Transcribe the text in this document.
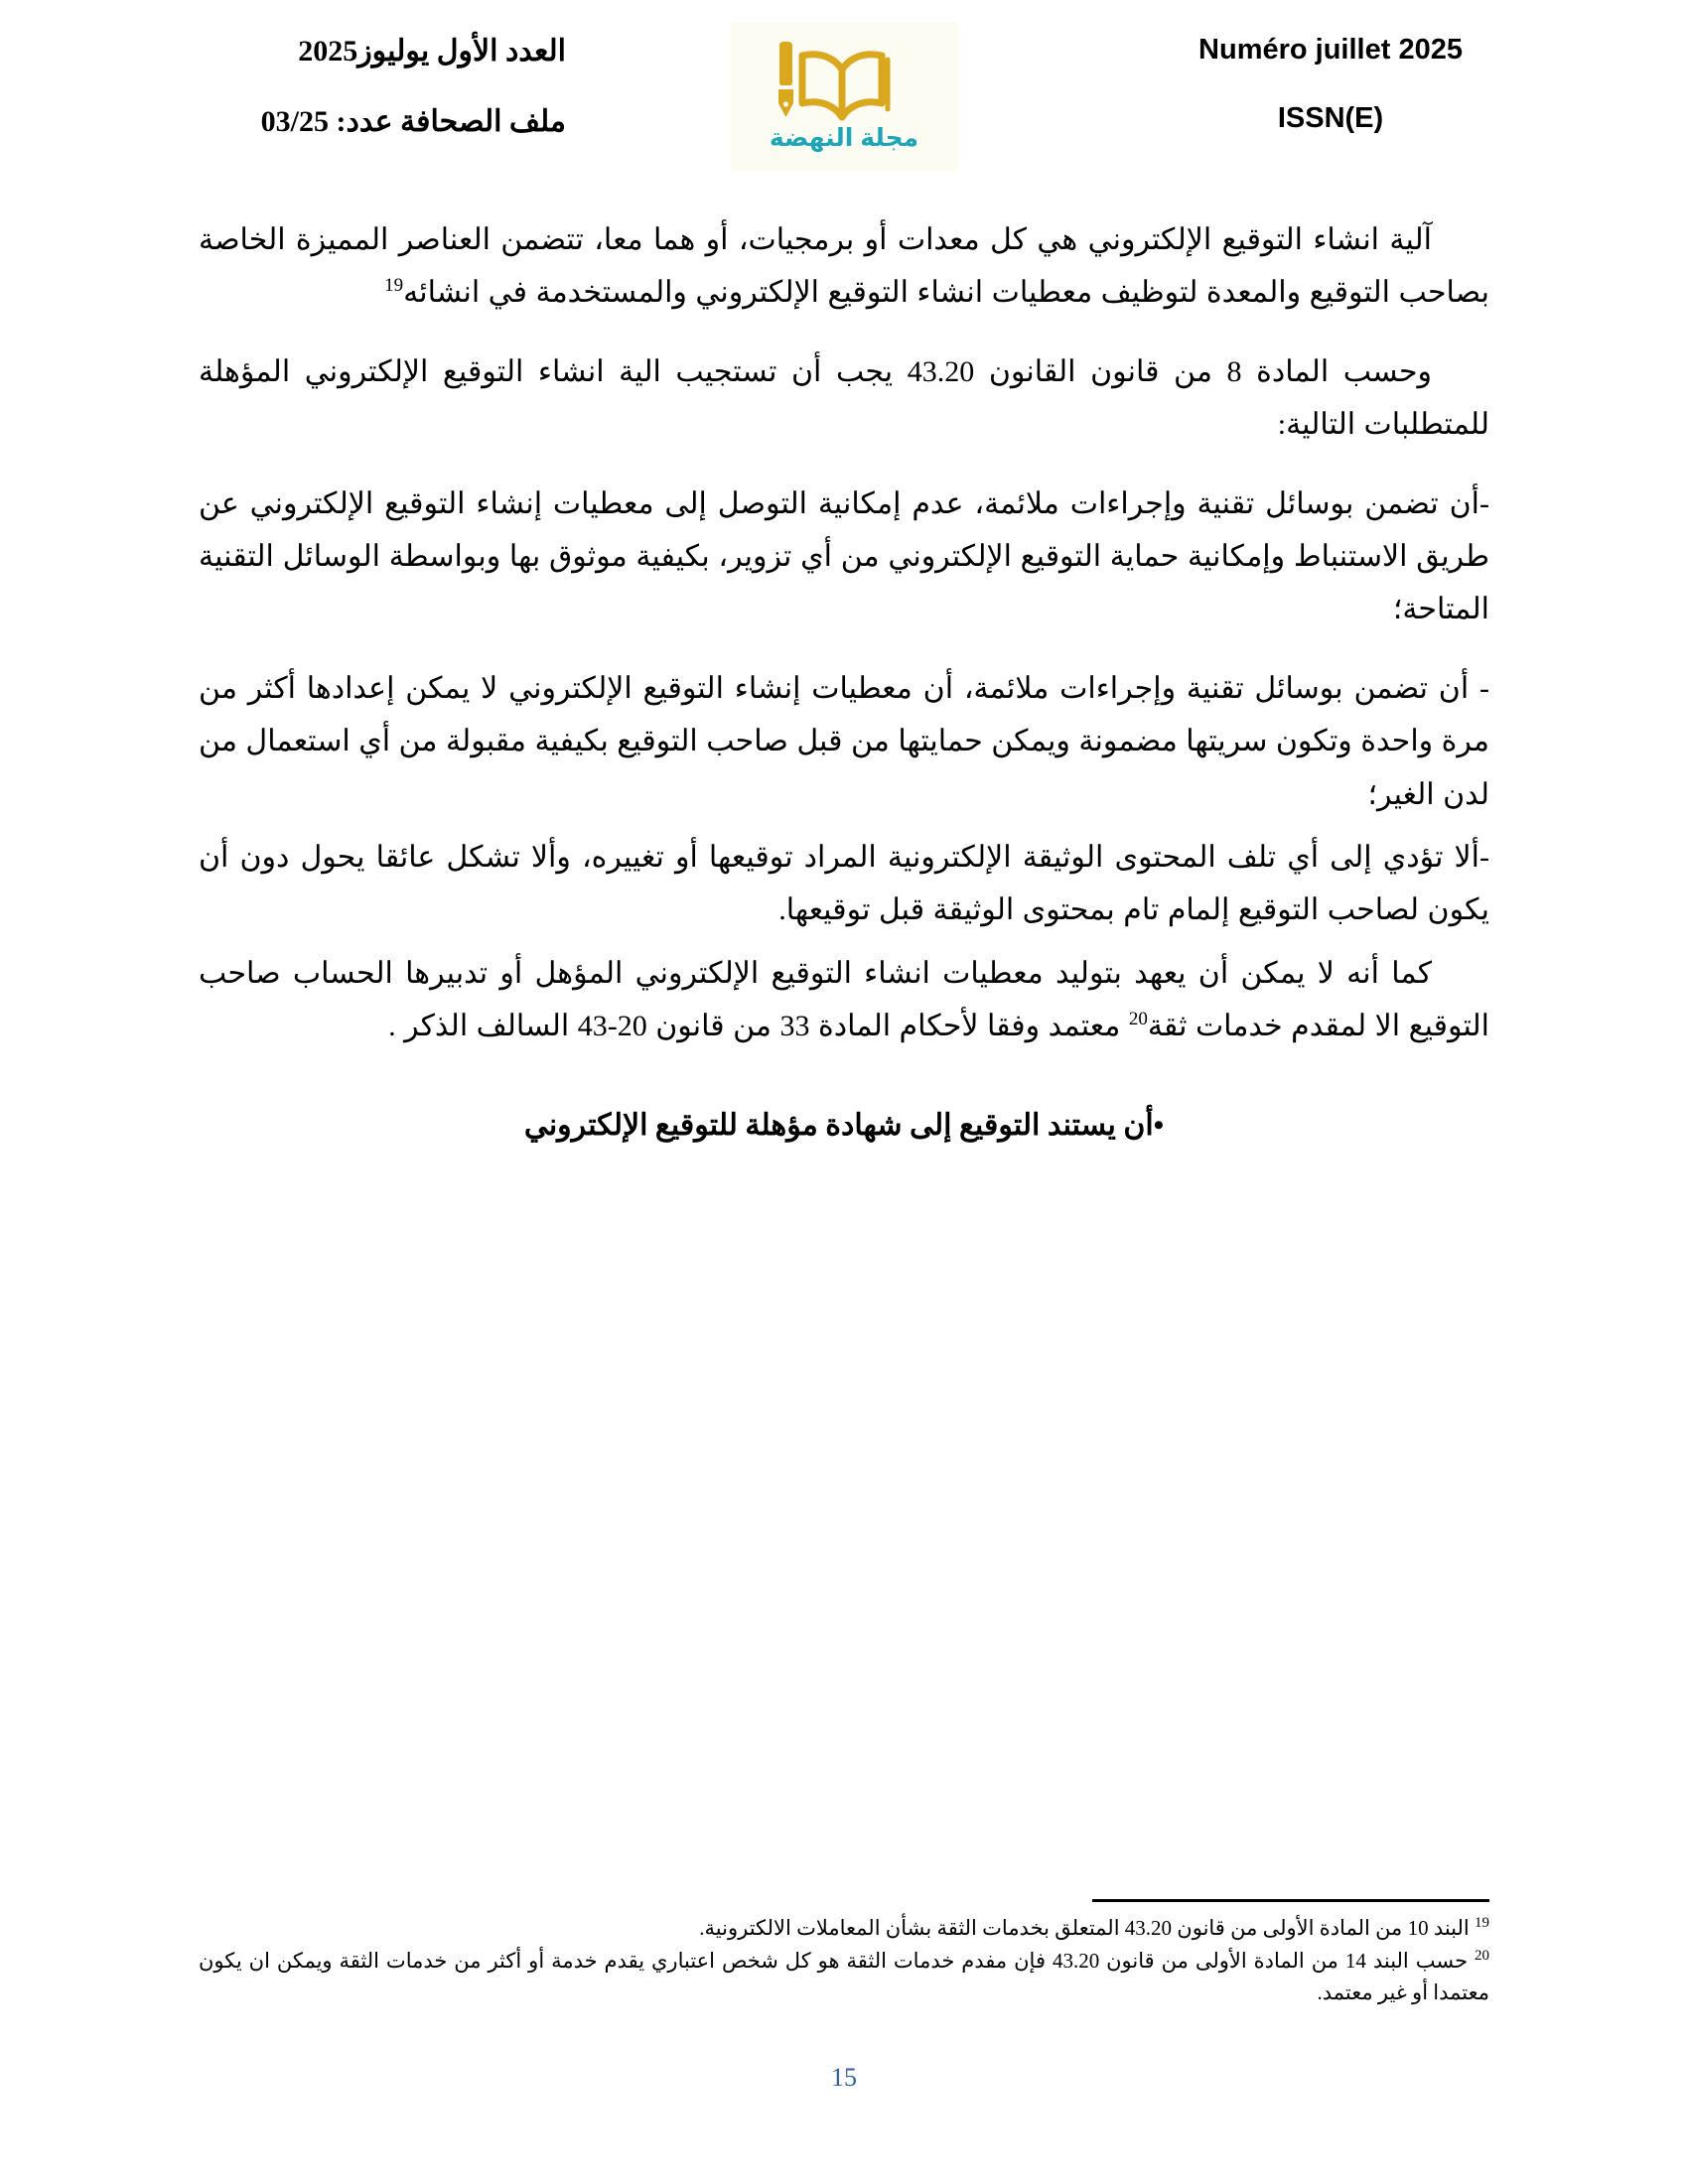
العدد الأول يوليوز2025
ملف الصحافة عدد: 03/25	مجلة النهضة
Numéro juillet 2025
ISSN(E)

آلية انشاء التوقيع الإلكتروني هي كل معدات أو برمجيات، أو هما معا، تتضمن العناصر المميزة الخاصة بصاحب التوقيع والمعدة لتوظيف معطيات انشاء التوقيع الإلكتروني والمستخدمة في انشائه$^{19}$

وحسب المادة 8 من قانون القانون 43.20 يجب أن تستجيب الية انشاء التوقيع الإلكتروني المؤهلة للمتطلبات التالية:

-أن تضمن بوسائل تقنية وإجراءات ملائمة، عدم إمكانية التوصل إلى معطيات إنشاء التوقيع الإلكتروني عن طريق الاستنباط وإمكانية حماية التوقيع الإلكتروني من أي تزوير، بكيفية موثوق بها وبواسطة الوسائل التقنية المتاحة؛

- أن تضمن بوسائل تقنية وإجراءات ملائمة، أن معطيات إنشاء التوقيع الإلكتروني لا يمكن إعدادها أكثر من مرة واحدة وتكون سريتها مضمونة ويمكن حمايتها من قبل صاحب التوقيع بكيفية مقبولة من أي استعمال من لدن الغير؛

-ألا تؤدي إلى أي تلف المحتوى الوثيقة الإلكترونية المراد توقيعها أو تغييره، وألا تشكل عائقا يحول دون أن يكون لصاحب التوقيع إلمام تام بمحتوى الوثيقة قبل توقيعها.

كما أنه لا يمكن أن يعهد بتوليد معطيات انشاء التوقيع الإلكتروني المؤهل أو تدبيرها الحساب صاحب التوقيع الا لمقدم خدمات ثقة$^{20}$ معتمد وفقا لأحكام المادة 33 من قانون 20-43 السالف الذكر .

•أن يستند التوقيع إلى شهادة مؤهلة للتوقيع الإلكتروني

$^{19}$ البند 10 من المادة الأولى من قانون 43.20 المتعلق بخدمات الثقة بشأن المعاملات الالكترونية.

$^{20}$ حسب البند 14 من المادة الأولى من قانون 43.20 فإن مفدم خدمات الثقة هو كل شخص اعتباري يقدم خدمة أو أكثر من خدمات الثقة ويمكن ان يكون معتمدا أو غير معتمد.

15
